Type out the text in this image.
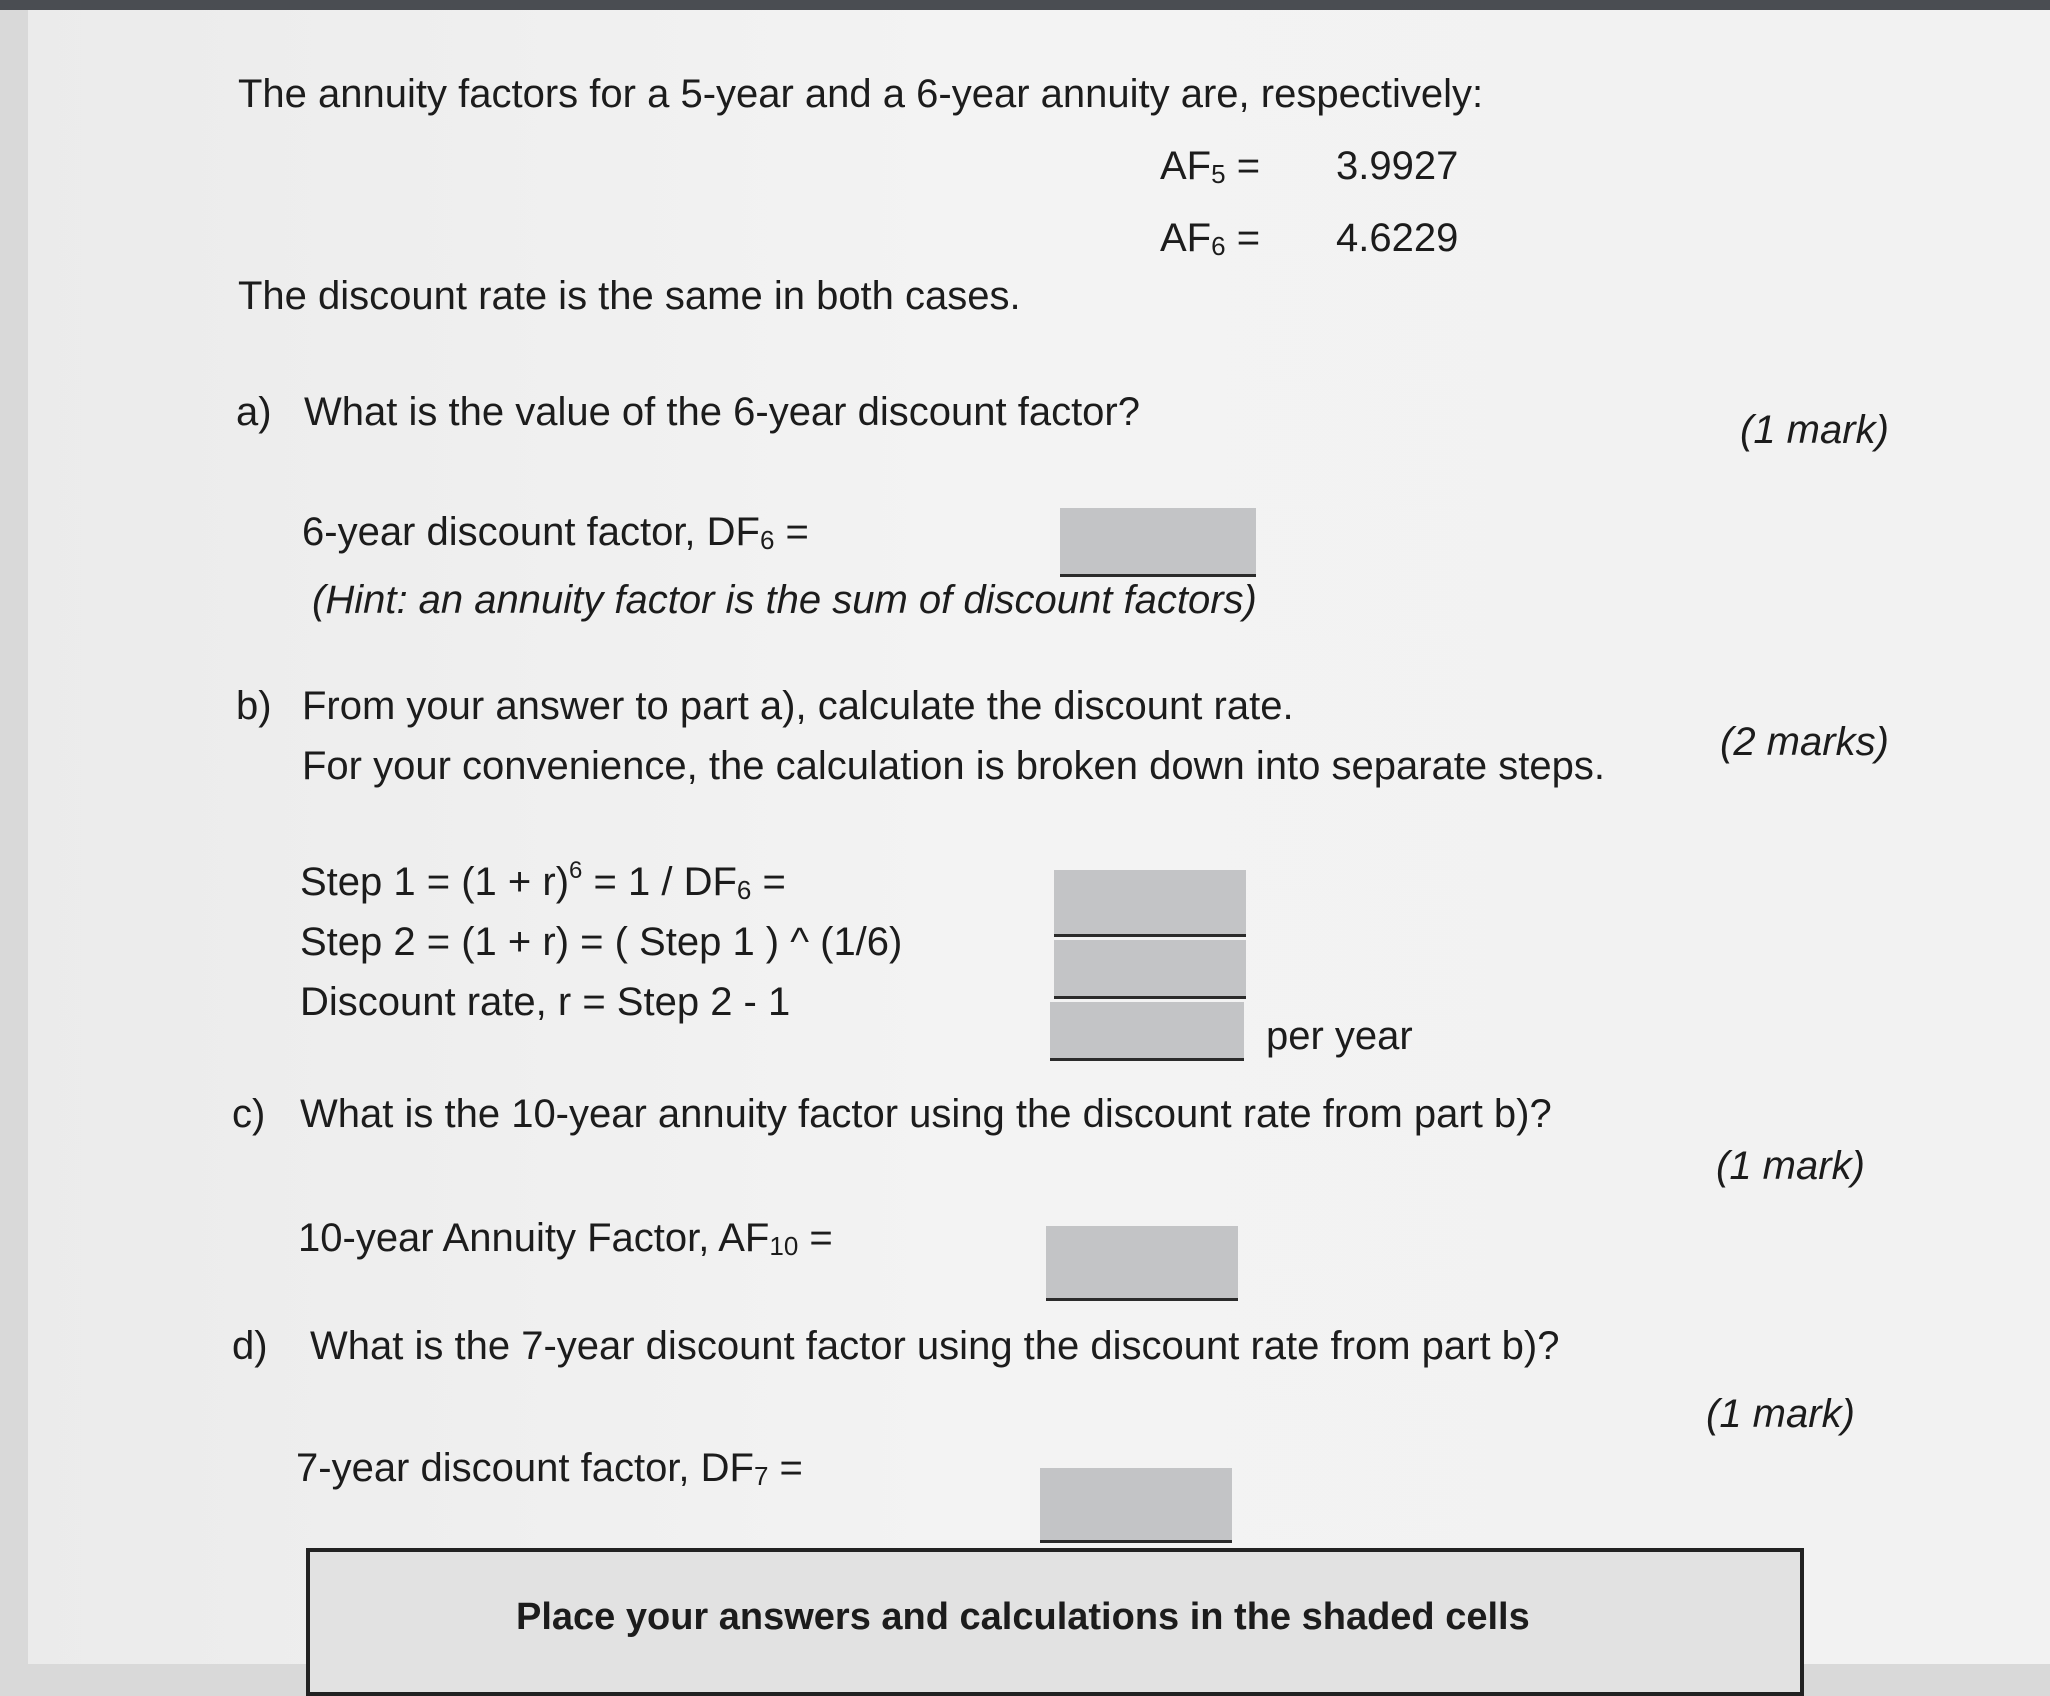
The annuity factors for a 5-year and a 6-year annuity are, respectively:
$AF_5 = 3.9927$
$AF_6 = 4.6229$
The discount rate is the same in both cases.
a) What is the value of the 6-year discount factor?	(1 mark)
6-year discount factor, $DF_6$ =
(Hint: an annuity factor is the sum of discount factors)
b) From your answer to part a), calculate the discount rate.
(2 marks)
For your convenience, the calculation is broken down into separate steps.
Step $1 = (1 + r)^6 = 1 / DF_6$ =
Step 2 = (1 + r) = ( Step 1 ) ^ (1/6)
Discount rate, r = Step 2 - 1
per year
c) What is the 10-year annuity factor using the discount rate from part b)?
(1 mark)
10-year Annuity Factor, $AF_{10}$ =
d) What is the 7-year discount factor using the discount rate from part b)?
(1 mark)
7-year discount factor, $DF_7$ =
Place your answers and calculations in the shaded cells
